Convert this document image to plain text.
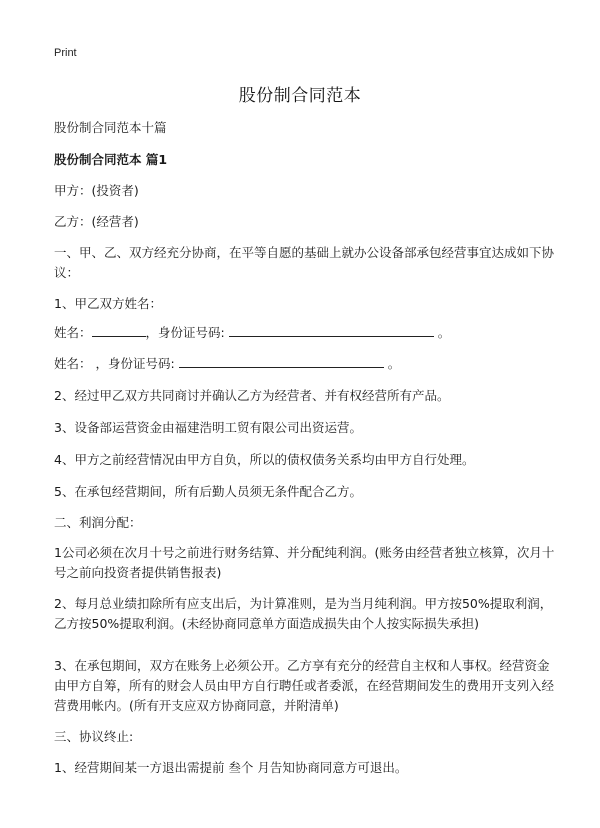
Print
股份制合同范本
股份制合同范本十篇
股份制合同范本 篇1
甲方：(投资者)
乙方：(经营者)
一、甲、乙、双方经充分协商，在平等自愿的基础上就办公设备部承包经营事宜达成如下协议：
1、甲乙双方姓名：
姓名：	，身份证号码:	。
姓名： ，身份证号码:	。
2、经过甲乙双方共同商讨并确认乙方为经营者、并有权经营所有产品。
3、设备部运营资金由福建浩明工贸有限公司出资运营。
4、甲方之前经营情况由甲方自负，所以的债权债务关系均由甲方自行处理。
5、在承包经营期间，所有后勤人员须无条件配合乙方。
二、利润分配：
1公司必须在次月十号之前进行财务结算、并分配纯利润。(账务由经营者独立核算，次月十号之前向投资者提供销售报表)
2、每月总业绩扣除所有应支出后，为计算准则，是为当月纯利润。甲方按50%提取利润，乙方按50%提取利润。(未经协商同意单方面造成损失由个人按实际损失承担)
3、在承包期间，双方在账务上必须公开。乙方享有充分的经营自主权和人事权。经营资金由甲方自筹，所有的财会人员由甲方自行聘任或者委派，在经营期间发生的费用开支列入经营费用帐内。(所有开支应双方协商同意，并附清单)
三、协议终止:
1、经营期间某一方退出需提前 叁个 月告知协商同意方可退出。
